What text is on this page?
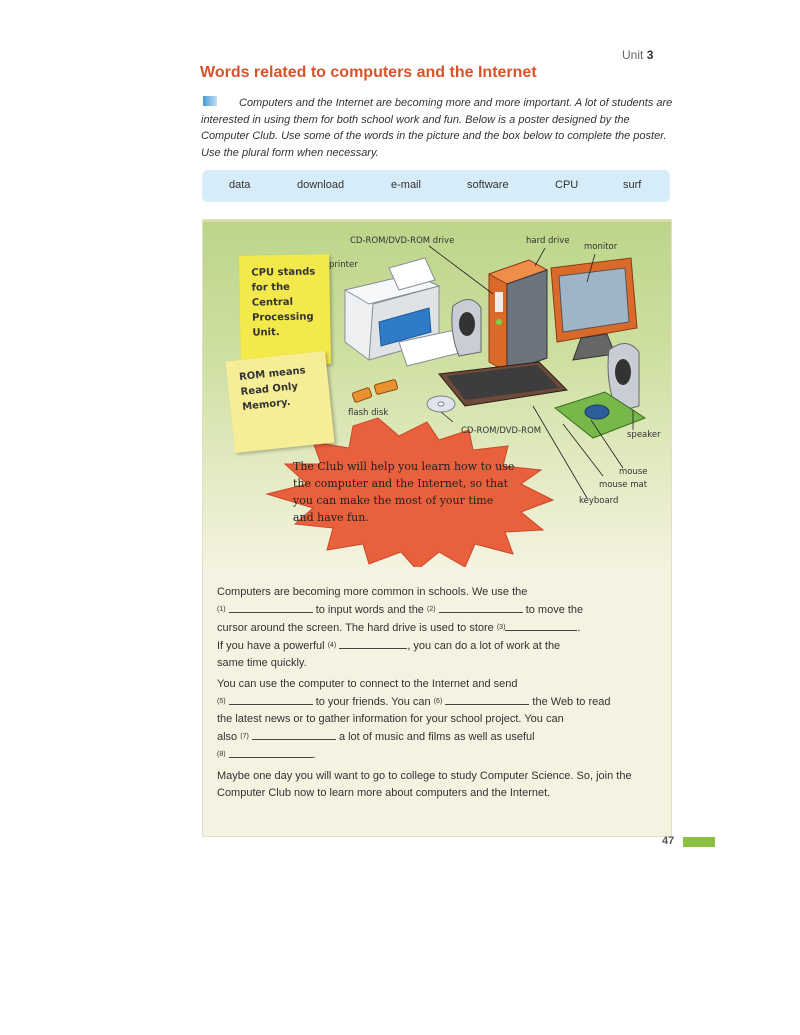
Unit 3
Words related to computers and the Internet

Computers and the Internet are becoming more and more important. A lot of students are interested in using them for both school work and fun. Below is a poster designed by the Computer Club. Use some of the words in the picture and the box below to complete the poster. Use the plural form when necessary.

data	download	e-mail	software	CPU	surf
CPU stands for the Central Processing Unit.
ROM means Read Only Memory.
CD-ROM/DVD-ROM drive	hard drive
monitor
printer
flash disk
CD-ROM/DVD-ROM	speaker
mouse
mouse mat
keyboard
The Club will help you learn how to use the computer and the Internet, so that you can make the most of your time and have fun.
Computers are becoming more common in schools. We use the
$^{(1)}$	to input words and the $^{(2)}$	to move the
cursor around the screen. The hard drive is used to store $^{(3)}$	.
If you have a powerful $^{(4)}$	, you can do a lot of work at the
same time quickly.
You can use the computer to connect to the Internet and send
$^{(5)}$	to your friends. You can $^{(6)}$	the Web to read
the latest news or to gather information for your school project. You can
also $^{(7)}$	a lot of music and films as well as useful
$^{(8)}$	.
Maybe one day you will want to go to college to study Computer Science. So, join the Computer Club now to learn more about computers and the Internet.
47
